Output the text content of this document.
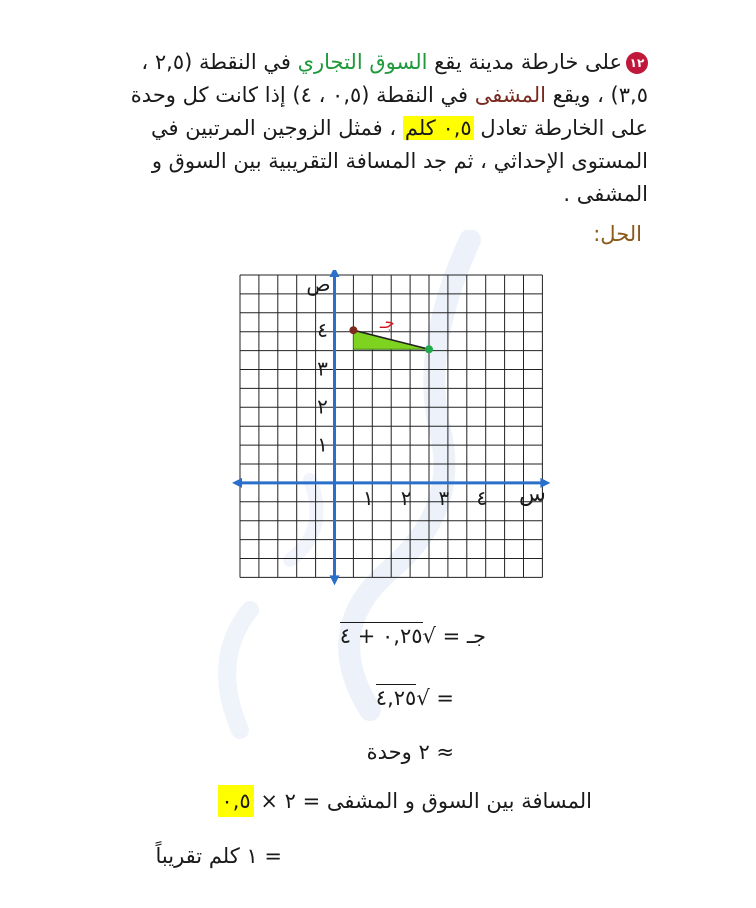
١٢على خارطة مدينة يقع السوق التجاري في النقطة (٢,٥ ، ٣,٥) ، ويقع المشفى في النقطة (٠,٥ ، ٤) إذا كانت كل وحدة على الخارطة تعادل ٠,٥ كلم ، فمثل الزوجين المرتبين في المستوى الإحداثي ، ثم جد المسافة التقريبية بين السوق و المشفى .
الحل:
١ ٢ ٣ ٤
١
٢
٣
٤
ص
س
جـ
جـ = √٠,٢٥ + ٤
= √٤,٢٥
≈ ٢ وحدة
المسافة بين السوق و المشفى = ٢ × ٠,٥
= ١ كلم تقريباً
